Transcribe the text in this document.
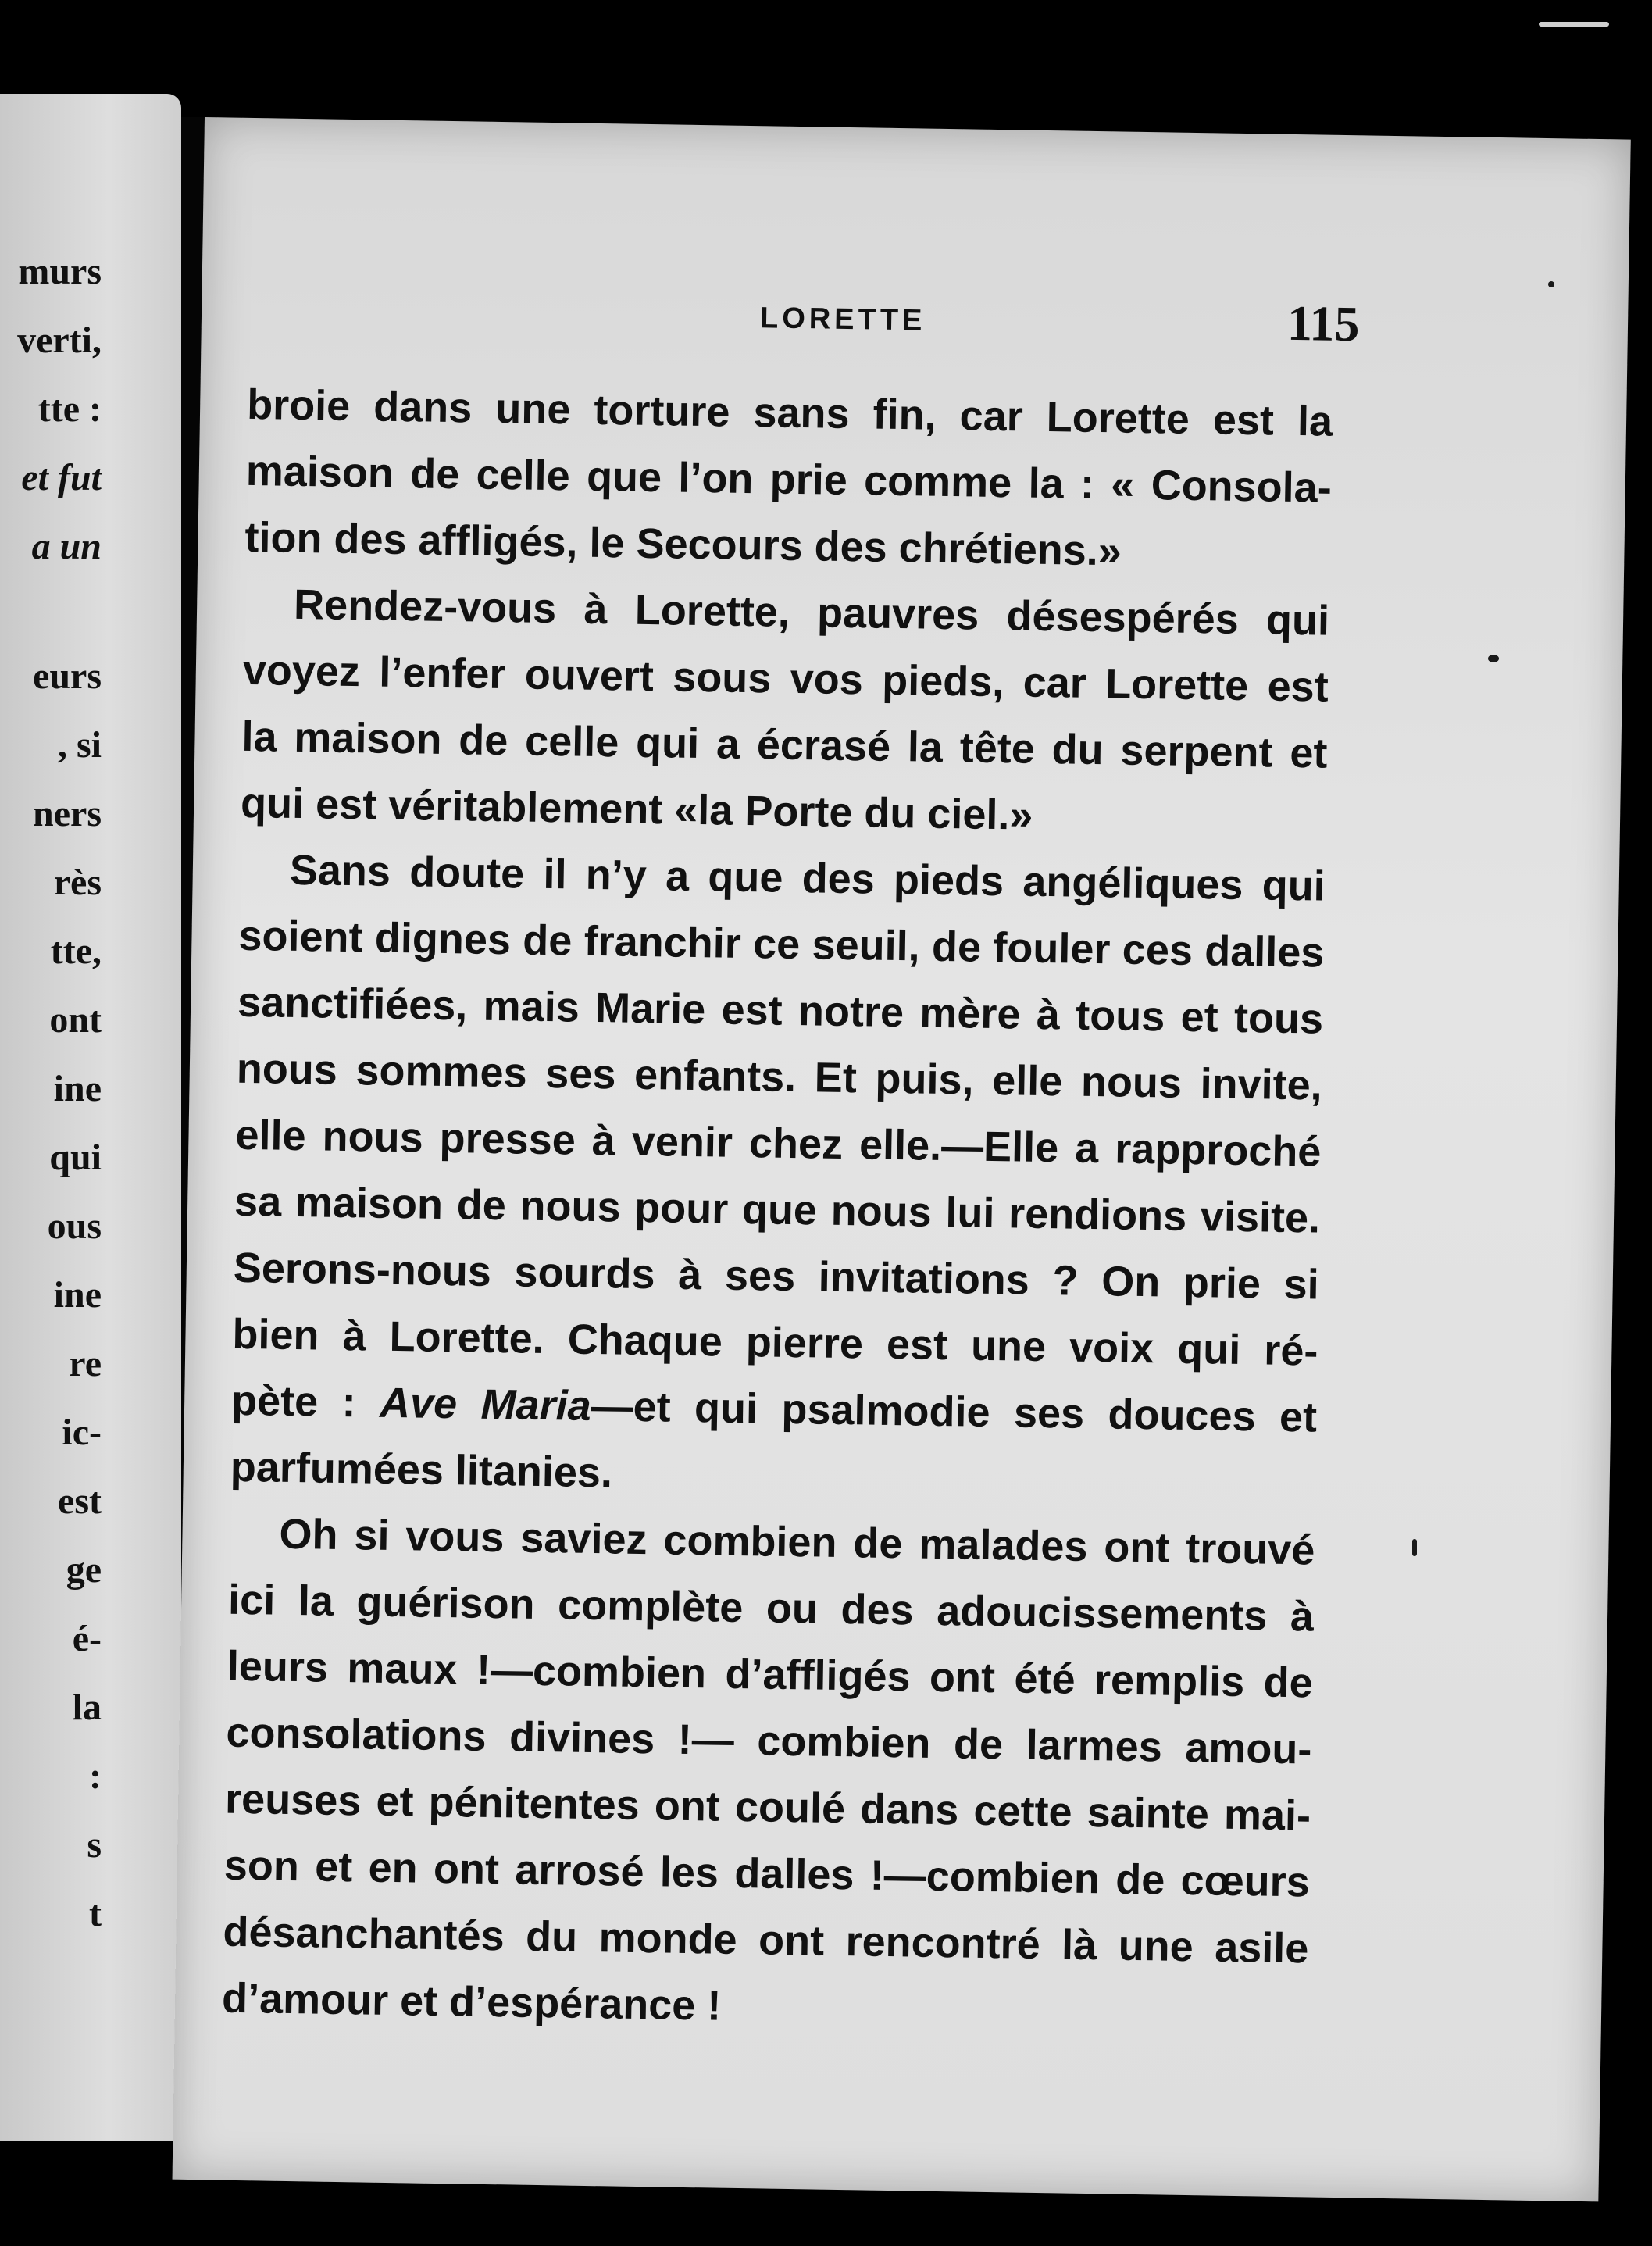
murs
verti,
tte :
et fut
a un
eurs
, si
ners
rès
tte,
ont
ine
qui
ous
ine
re
ic-
est
ge
é-
la
:
s
t
LORETTE	115
broie dans une torture sans fin, car Lorette est la
maison de celle que l’on prie comme la : « Consola-
tion des affligés, le Secours des chrétiens.»
Rendez-vous à Lorette, pauvres désespérés qui
voyez l’enfer ouvert sous vos pieds, car Lorette est
la maison de celle qui a écrasé la tête du serpent et
qui est véritablement «la Porte du ciel.»
Sans doute il n’y a que des pieds angéliques qui
soient dignes de franchir ce seuil, de fouler ces dalles
sanctifiées, mais Marie est notre mère à tous et tous
nous sommes ses enfants. Et puis, elle nous invite,
elle nous presse à venir chez elle.—Elle a rapproché
sa maison de nous pour que nous lui rendions visite.
Serons-nous sourds à ses invitations ? On prie si
bien à Lorette. Chaque pierre est une voix qui ré-
pète : Ave Maria—et qui psalmodie ses douces et
parfumées litanies.
Oh si vous saviez combien de malades ont trouvé
ici la guérison complète ou des adoucissements à
leurs maux !—combien d’affligés ont été remplis de
consolations divines !— combien de larmes amou-
reuses et pénitentes ont coulé dans cette sainte mai-
son et en ont arrosé les dalles !—combien de cœurs
désanchantés du monde ont rencontré là une asile
d’amour et d’espérance !
